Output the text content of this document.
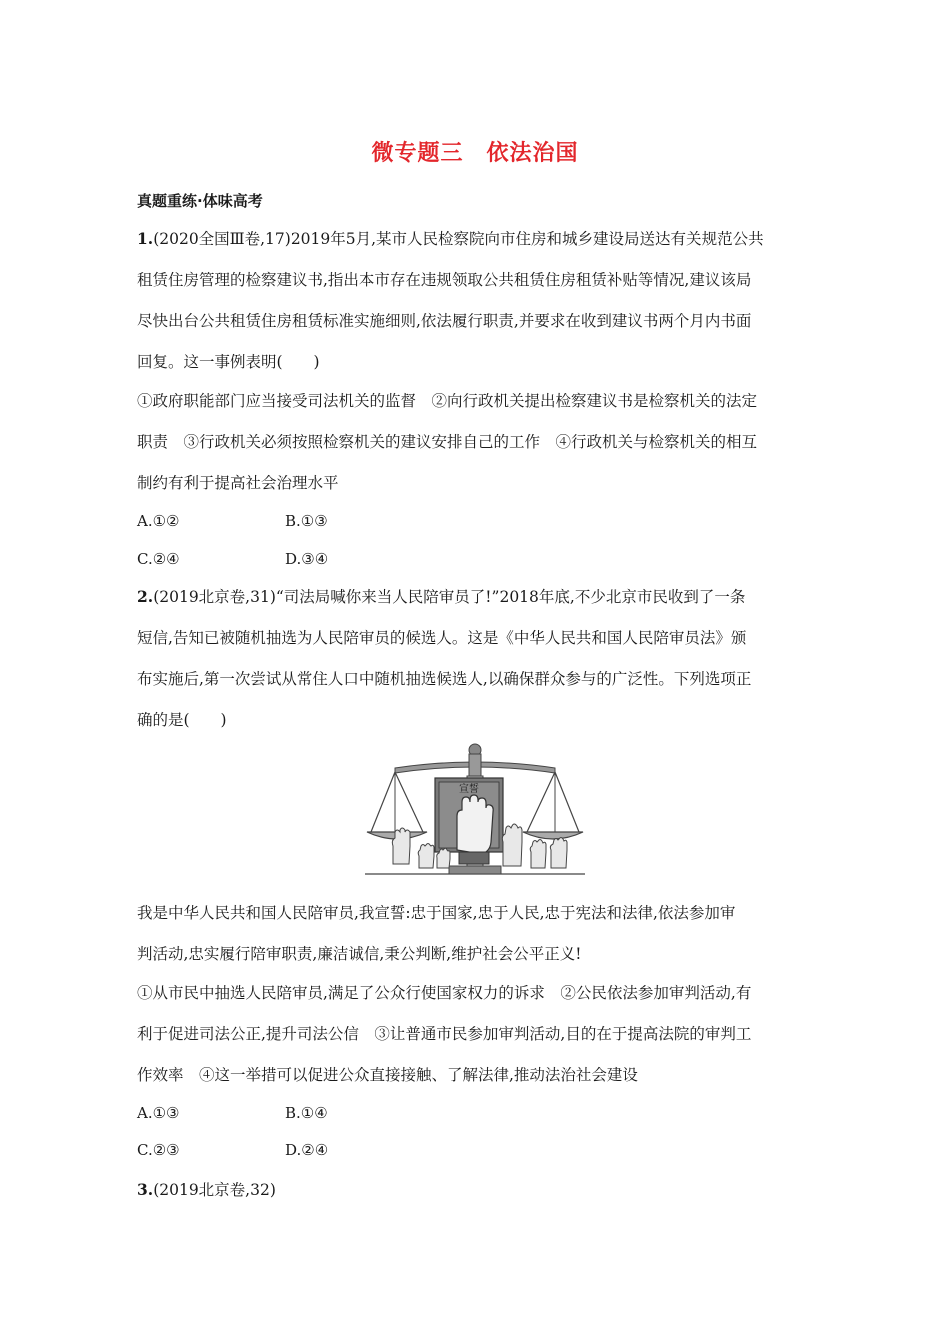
微专题三　依法治国
真题重练·体味高考
1.(2020全国Ⅲ卷,17)2019年5月,某市人民检察院向市住房和城乡建设局送达有关规范公共
租赁住房管理的检察建议书,指出本市存在违规领取公共租赁住房租赁补贴等情况,建议该局
尽快出台公共租赁住房租赁标准实施细则,依法履行职责,并要求在收到建议书两个月内书面
回复。这一事例表明(　　)
①政府职能部门应当接受司法机关的监督　②向行政机关提出检察建议书是检察机关的法定
职责　③行政机关必须按照检察机关的建议安排自己的工作　④行政机关与检察机关的相互
制约有利于提高社会治理水平
A.①②	B.①③
C.②④	D.③④
2.(2019北京卷,31)“司法局喊你来当人民陪审员了!”2018年底,不少北京市民收到了一条
短信,告知已被随机抽选为人民陪审员的候选人。这是《中华人民共和国人民陪审员法》颁
布实施后,第一次尝试从常住人口中随机抽选候选人,以确保群众参与的广泛性。下列选项正
确的是(　　)
宣誓
我是中华人民共和国人民陪审员,我宣誓:忠于国家,忠于人民,忠于宪法和法律,依法参加审
判活动,忠实履行陪审职责,廉洁诚信,秉公判断,维护社会公平正义!
①从市民中抽选人民陪审员,满足了公众行使国家权力的诉求　②公民依法参加审判活动,有
利于促进司法公正,提升司法公信　③让普通市民参加审判活动,目的在于提高法院的审判工
作效率　④这一举措可以促进公众直接接触、了解法律,推动法治社会建设
A.①③	B.①④
C.②③	D.②④
3.(2019北京卷,32)
